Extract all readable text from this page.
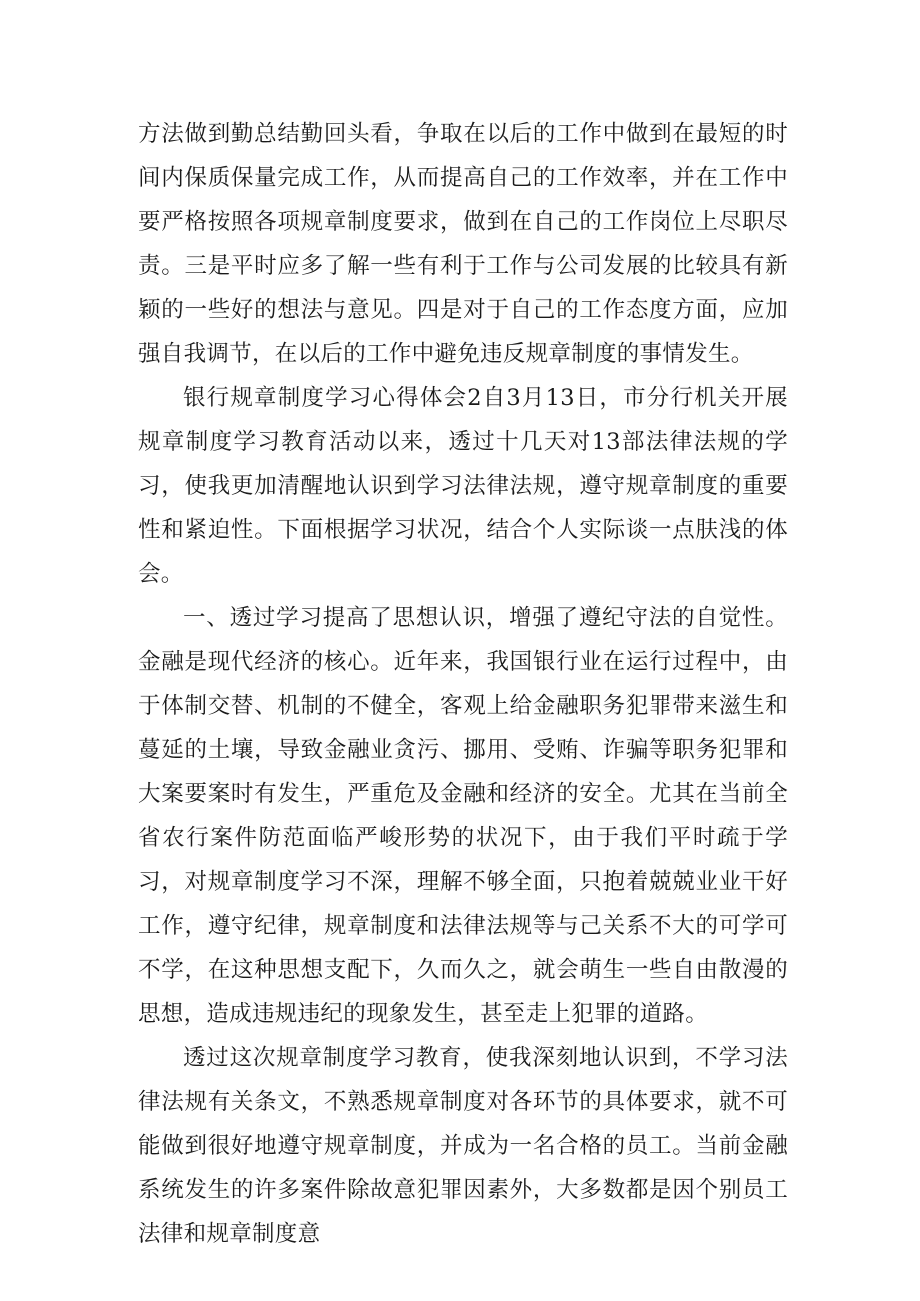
方法做到勤总结勤回头看，争取在以后的工作中做到在最短的时间内保质保量完成工作，从而提高自己的工作效率，并在工作中要严格按照各项规章制度要求，做到在自己的工作岗位上尽职尽责。三是平时应多了解一些有利于工作与公司发展的比较具有新颖的一些好的想法与意见。四是对于自己的工作态度方面，应加强自我调节，在以后的工作中避免违反规章制度的事情发生。

银行规章制度学习心得体会2自3月13日，市分行机关开展规章制度学习教育活动以来，透过十几天对13部法律法规的学习，使我更加清醒地认识到学习法律法规，遵守规章制度的重要性和紧迫性。下面根据学习状况，结合个人实际谈一点肤浅的体会。

一、透过学习提高了思想认识，增强了遵纪守法的自觉性。金融是现代经济的核心。近年来，我国银行业在运行过程中，由于体制交替、机制的不健全，客观上给金融职务犯罪带来滋生和蔓延的土壤，导致金融业贪污、挪用、受贿、诈骗等职务犯罪和大案要案时有发生，严重危及金融和经济的安全。尤其在当前全省农行案件防范面临严峻形势的状况下，由于我们平时疏于学习，对规章制度学习不深，理解不够全面，只抱着兢兢业业干好工作，遵守纪律，规章制度和法律法规等与己关系不大的可学可不学，在这种思想支配下，久而久之，就会萌生一些自由散漫的思想，造成违规违纪的现象发生，甚至走上犯罪的道路。

透过这次规章制度学习教育，使我深刻地认识到，不学习法律法规有关条文，不熟悉规章制度对各环节的具体要求，就不可能做到很好地遵守规章制度，并成为一名合格的员工。当前金融系统发生的许多案件除故意犯罪因素外，大多数都是因个别员工法律和规章制度意
